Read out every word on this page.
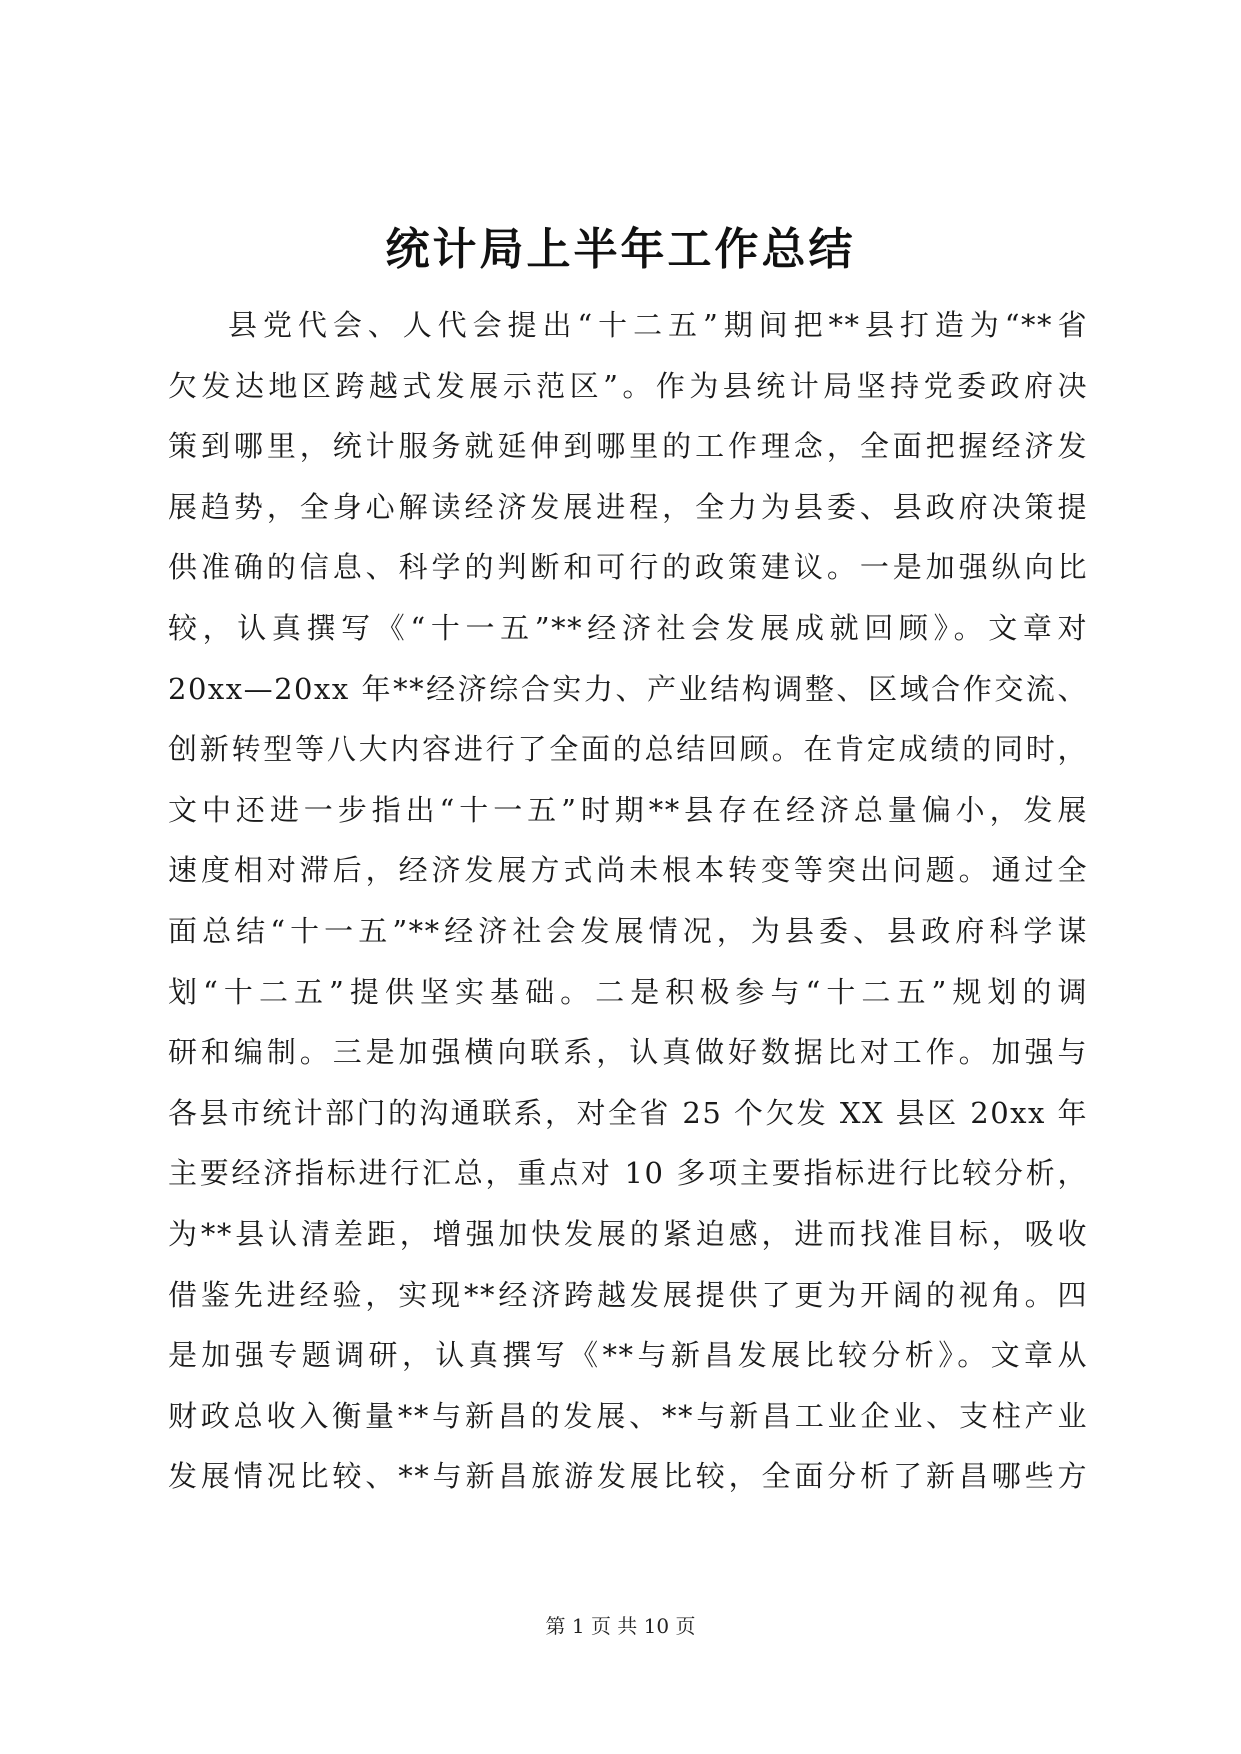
统计局上半年工作总结
县党代会、人代会提出“十二五”期间把**县打造为“**省
欠发达地区跨越式发展示范区”。作为县统计局坚持党委政府决
策到哪里，统计服务就延伸到哪里的工作理念，全面把握经济发
展趋势，全身心解读经济发展进程，全力为县委、县政府决策提
供准确的信息、科学的判断和可行的政策建议。一是加强纵向比
较，认真撰写《“十一五”**经济社会发展成就回顾》。文章对
20xx—20xx 年**经济综合实力、产业结构调整、区域合作交流、
创新转型等八大内容进行了全面的总结回顾。在肯定成绩的同时，
文中还进一步指出“十一五”时期**县存在经济总量偏小，发展
速度相对滞后，经济发展方式尚未根本转变等突出问题。通过全
面总结“十一五”**经济社会发展情况，为县委、县政府科学谋
划“十二五”提供坚实基础。二是积极参与“十二五”规划的调
研和编制。三是加强横向联系，认真做好数据比对工作。加强与
各县市统计部门的沟通联系，对全省 25 个欠发 XX 县区 20xx 年
主要经济指标进行汇总，重点对 10 多项主要指标进行比较分析，
为**县认清差距，增强加快发展的紧迫感，进而找准目标，吸收
借鉴先进经验，实现**经济跨越发展提供了更为开阔的视角。四
是加强专题调研，认真撰写《**与新昌发展比较分析》。文章从
财政总收入衡量**与新昌的发展、**与新昌工业企业、支柱产业
发展情况比较、**与新昌旅游发展比较，全面分析了新昌哪些方
第 1 页 共 10 页
